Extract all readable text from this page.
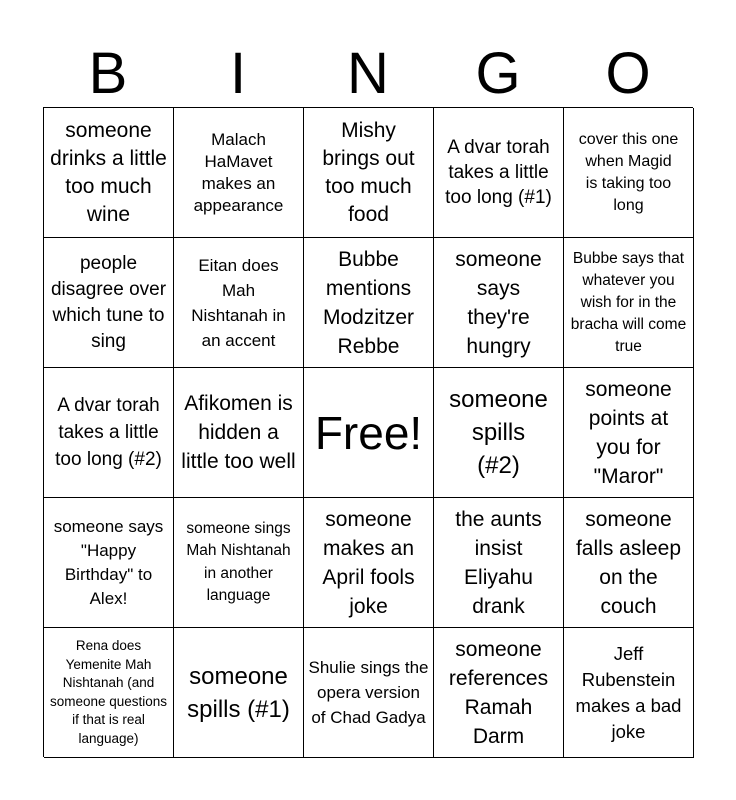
B	I	N	G	O
someone drinks a little too much wine
Malach HaMavet makes an appearance
Mishy brings out too much food
A dvar torah takes a little too long (#1)
cover this one when Magid is taking too long
people disagree over which tune to sing
Eitan does Mah Nishtanah in an accent
Bubbe mentions Modzitzer Rebbe
someone says they're hungry
Bubbe says that whatever you wish for in the bracha will come true
A dvar torah takes a little too long (#2)
Afikomen is hidden a little too well
Free!
someone spills (#2)
someone points at you for "Maror"
someone says "Happy Birthday" to Alex!
someone sings Mah Nishtanah in another language
someone makes an April fools joke
the aunts insist Eliyahu drank
someone falls asleep on the couch
Rena does Yemenite Mah Nishtanah (and someone questions if that is real language)
someone spills (#1)
Shulie sings the opera version of Chad Gadya
someone references Ramah Darm
Jeff Rubenstein makes a bad joke
